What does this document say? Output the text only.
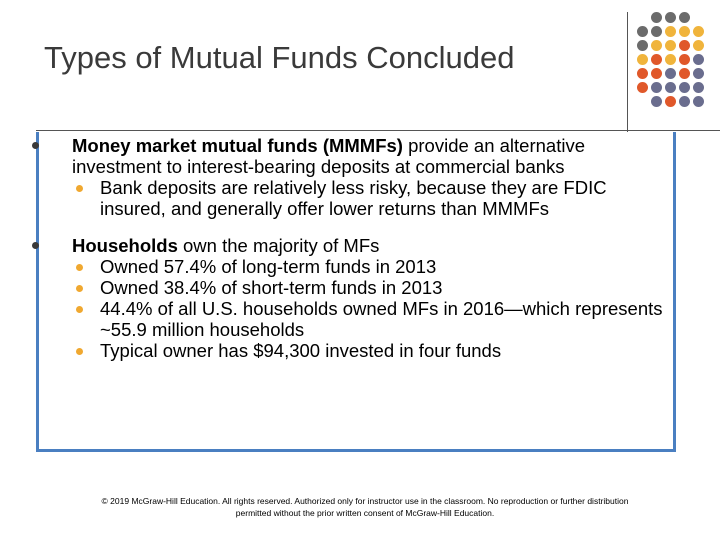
Types of Mutual Funds Concluded
Money market mutual funds (MMMFs) provide an alternative investment to interest-bearing deposits at commercial banks
Bank deposits are relatively less risky, because they are FDIC insured, and generally offer lower returns than MMMFs
Households own the majority of MFs
Owned 57.4% of long-term funds in 2013
Owned 38.4% of short-term funds in 2013
44.4% of all U.S. households owned MFs in 2016—which represents ~55.9 million households
Typical owner has $94,300 invested in four funds
© 2019 McGraw-Hill Education. All rights reserved. Authorized only for instructor use in the classroom. No reproduction or further distribution permitted without the prior written consent of McGraw-Hill Education.
